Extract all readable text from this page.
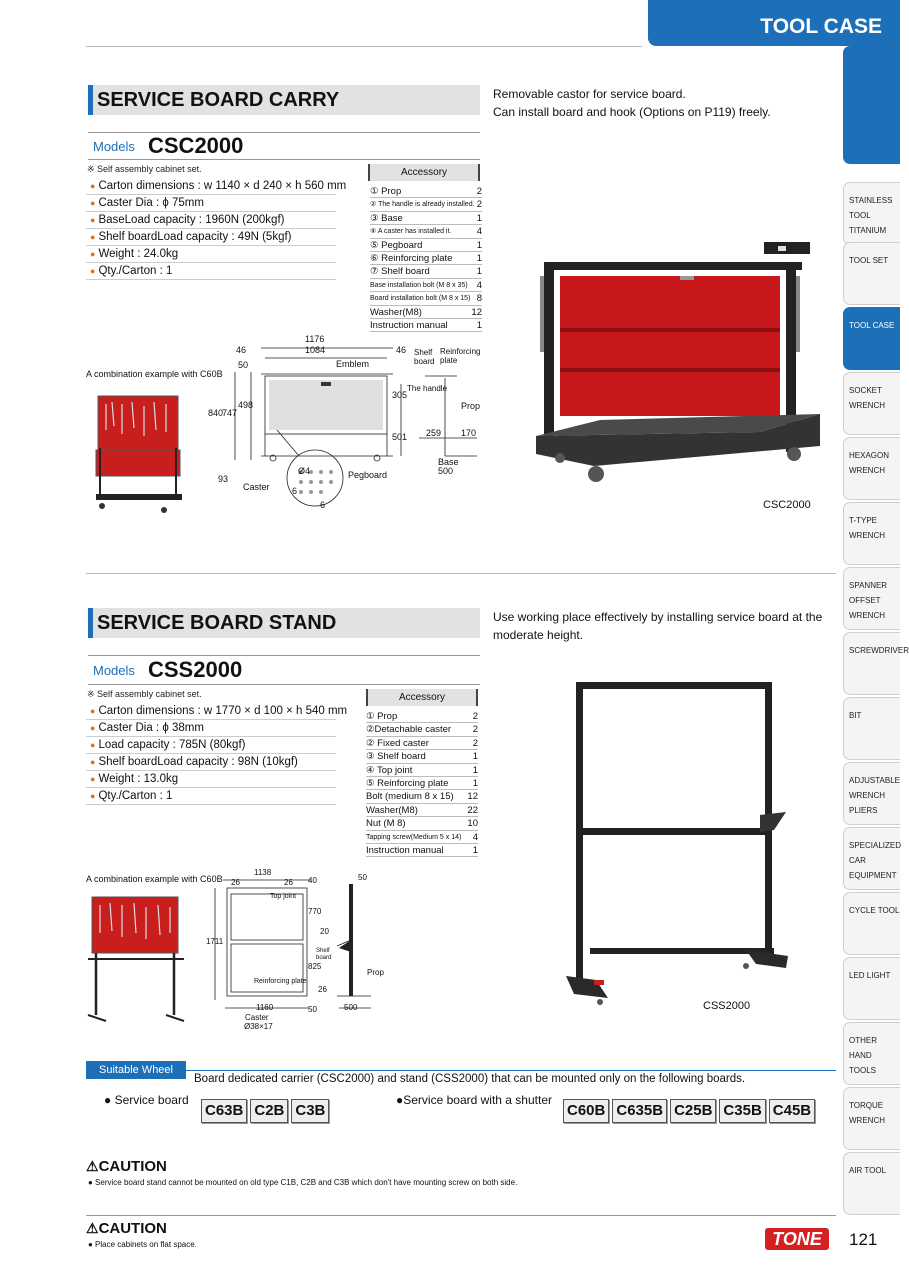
TOOL CASE
STAINLESS TOOL TITANIUM
TOOL SET
TOOL CASE
SOCKET WRENCH
HEXAGON WRENCH
T-TYPE WRENCH
SPANNER OFFSET WRENCH
SCREWDRIVER
BIT
ADJUSTABLE WRENCH PLIERS
SPECIALIZED CAR EQUIPMENT
CYCLE TOOL
LED LIGHT
OTHER HAND TOOLS
TORQUE WRENCH
AIR TOOL
SERVICE BOARD CARRY	Removable castor for service board.
Can install board and hook (Options on P119) freely.
Models CSC2000
※ Self assembly cabinet set.
● Carton dimensions : w 1140 × d 240 × h 560 mm
● Caster Dia : ϕ 75mm
● BaseLoad capacity : 1960N (200kgf)
● Shelf boardLoad capacity : 49N (5kgf)
● Weight : 24.0kg
● Qty./Carton : 1
Accessory
① Prop	2
② The handle is already installed. 2
③ Base	1
④ A caster has installed it.	4
⑤ Pegboard	1
⑥ Reinforcing plate	1
⑦ Shelf board	1
Base installation bolt (M 8 x 35) 4
Board installation bolt (M 8 x 15) 8
Washer(M8)	12
Instruction manual	1
A combination example with C60B
1176
1084
46	46
50	Emblem
840
747
498
93
Caster
Ø4
6
6
Pegboard
Shelf board
Reinforcing plate
The handle
305
Prop
501 259 170
Base
500
CSC2000
SERVICE BOARD STAND	Use working place effectively by installing service board at the moderate height.
Models CSS2000
※ Self assembly cabinet set.
● Carton dimensions : w 1770 × d 100 × h 540 mm
● Caster Dia : ϕ 38mm
● Load capacity : 785N (80kgf)
● Shelf boardLoad capacity : 98N (10kgf)
● Weight : 13.0kg
● Qty./Carton : 1
Accessory
① Prop	2
②Detachable caster 2
② Fixed caster	2
③ Shelf board	1
④ Top joint	1
⑤ Reinforcing plate	1
Bolt (medium 8 x 15) 12
Washer(M8)	22
Nut (M 8)	10
Tapping screw(Medium 5 x 14) 4
Instruction manual	1
A combination example with C60B
1138
26	26 40	50
Top joint
1711
770
20
Shelf board
825
Prop
Reinforcing plate
26
50
1160	500
Caster
Ø38×17
CSS2000
Suitable Wheel Board
Board dedicated carrier (CSC2000) and stand (CSS2000) that can be mounted only on the following boards.
● Service board
C63B C2B C3B
●Service board with a shutter
C60B C635B C25B C35B C45B
⚠CAUTION
● Service board stand cannot be mounted on old type C1B, C2B and C3B which don't have mounting screw on both side.
⚠CAUTION
● Place cabinets on flat space.	TONE	121
